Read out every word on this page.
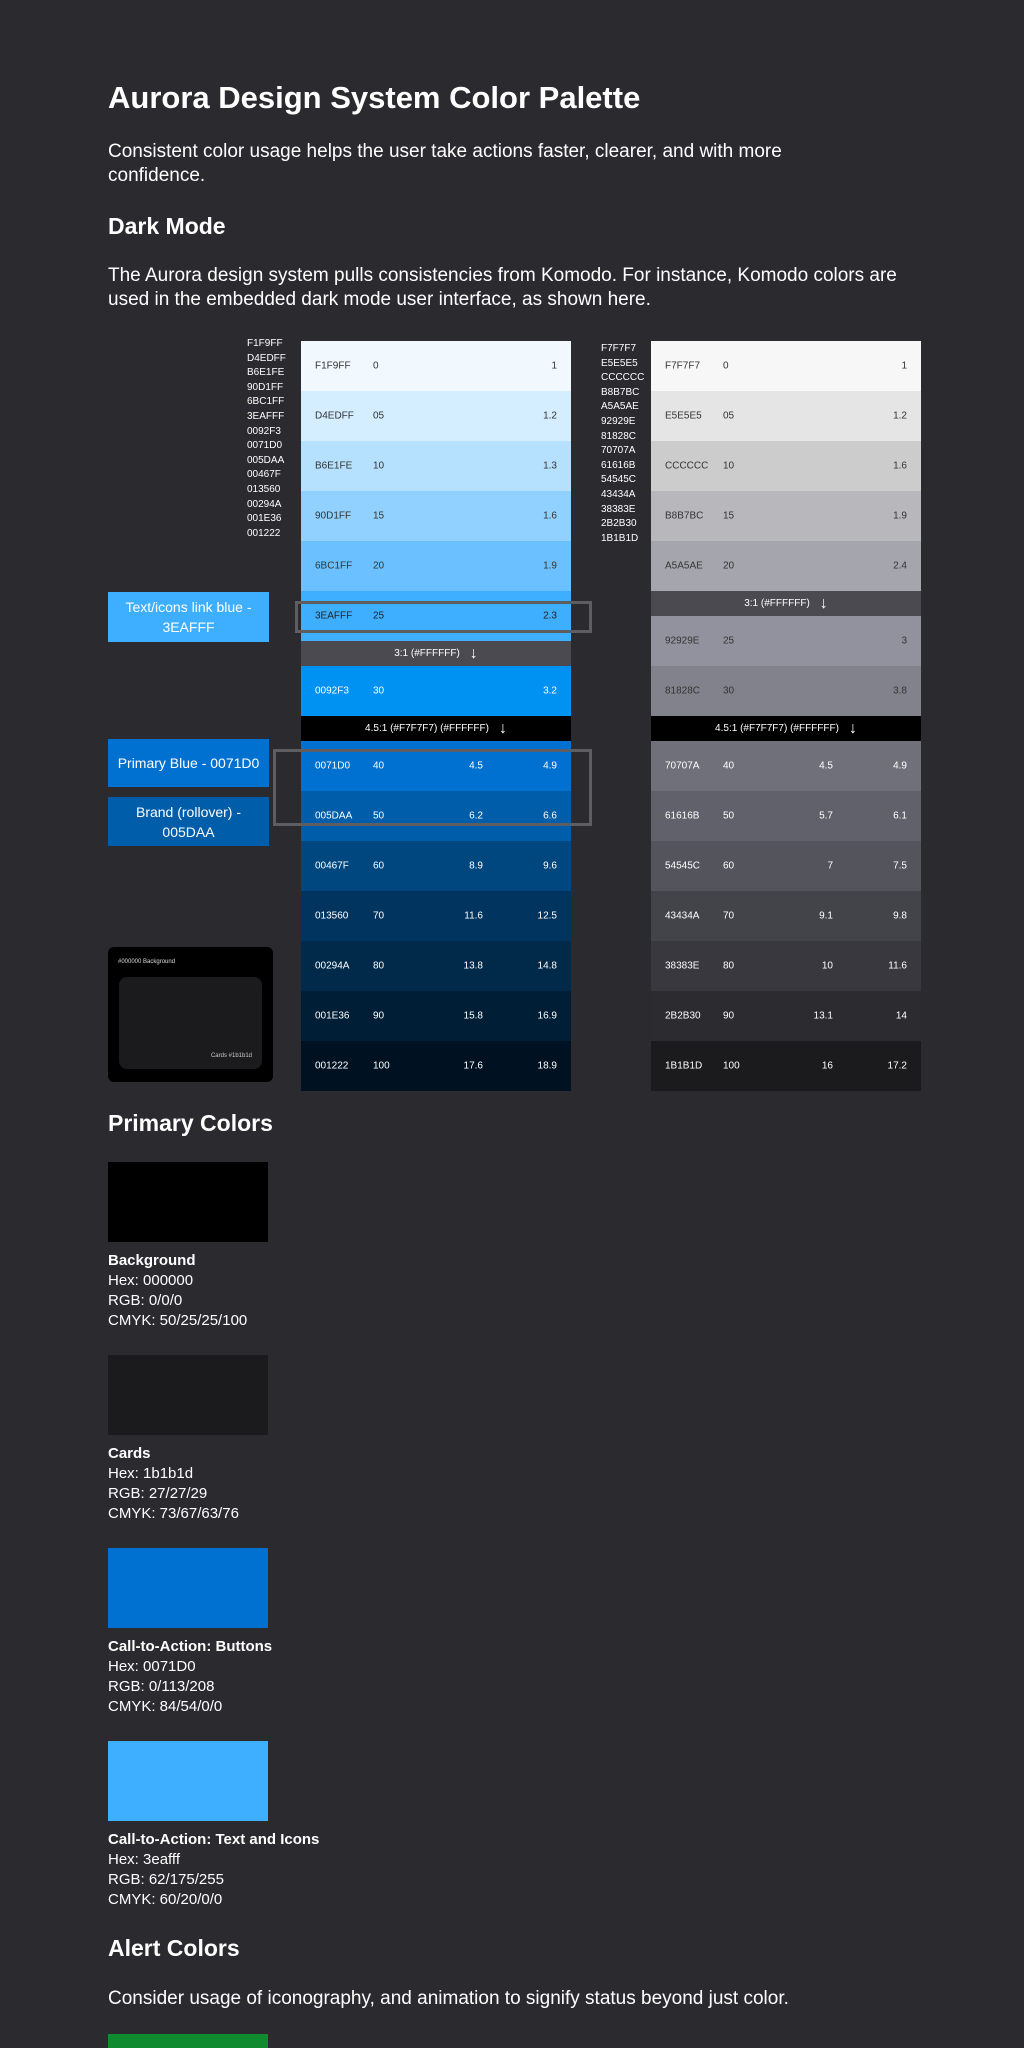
Aurora Design System Color Palette

Consistent color usage helps the user take actions faster, clearer, and with more confidence.

Dark Mode

The Aurora design system pulls consistencies from Komodo. For instance, Komodo colors are used in the embedded dark mode user interface, as shown here.

F1F9FF
D4EDFF
B6E1FE
90D1FF
6BC1FF
3EAFFF
0092F3
0071D0
005DAA
00467F
013560
00294A
001E36
001222
F1F9FF 0	1
D4EDFF 05	1.2
B6E1FE 10	1.3
90D1FF 15	1.6
6BC1FF 20	1.9
3EAFFF 25	2.3
3:1 (#FFFFFF) ↓
0092F3 30	3.2
4.5:1 (#F7F7F7) (#FFFFFF) ↓
0071D0 40	4.5	4.9
005DAA 50	6.2	6.6
00467F 60	8.9	9.6
013560 70	11.6	12.5
00294A 80	13.8	14.8
001E36 90	15.8	16.9
001222 100	17.6	18.9
F7F7F7
E5E5E5
CCCCCC
B8B7BC
A5A5AE
92929E
81828C
70707A
61616B
54545C
43434A
38383E
2B2B30
1B1B1D
F7F7F7 0	1
E5E5E5 05	1.2
CCCCCC 10	1.6
B8B7BC 15	1.9
A5A5AE 20	2.4
3:1 (#FFFFFF) ↓
92929E 25	3
81828C 30	3.8
4.5:1 (#F7F7F7) (#FFFFFF) ↓
70707A 40	4.5	4.9
61616B 50	5.7	6.1
54545C 60	7	7.5
43434A 70	9.1	9.8
38383E 80	10	11.6
2B2B30 90	13.1	14
1B1B1D 100	16	17.2
Text/icons link blue - 3EAFFF
Primary Blue - 0071D0
Brand (rollover) - 005DAA
#000000 Background
Cards #1b1b1d
Primary Colors
Background
Hex: 000000
RGB: 0/0/0
CMYK: 50/25/25/100
Cards
Hex: 1b1b1d
RGB: 27/27/29
CMYK: 73/67/63/76
Call-to-Action: Buttons
Hex: 0071D0
RGB: 0/113/208
CMYK: 84/54/0/0
Call-to-Action: Text and Icons
Hex: 3eafff
RGB: 62/175/255
CMYK: 60/20/0/0
Alert Colors

Consider usage of iconography, and animation to signify status beyond just color.
